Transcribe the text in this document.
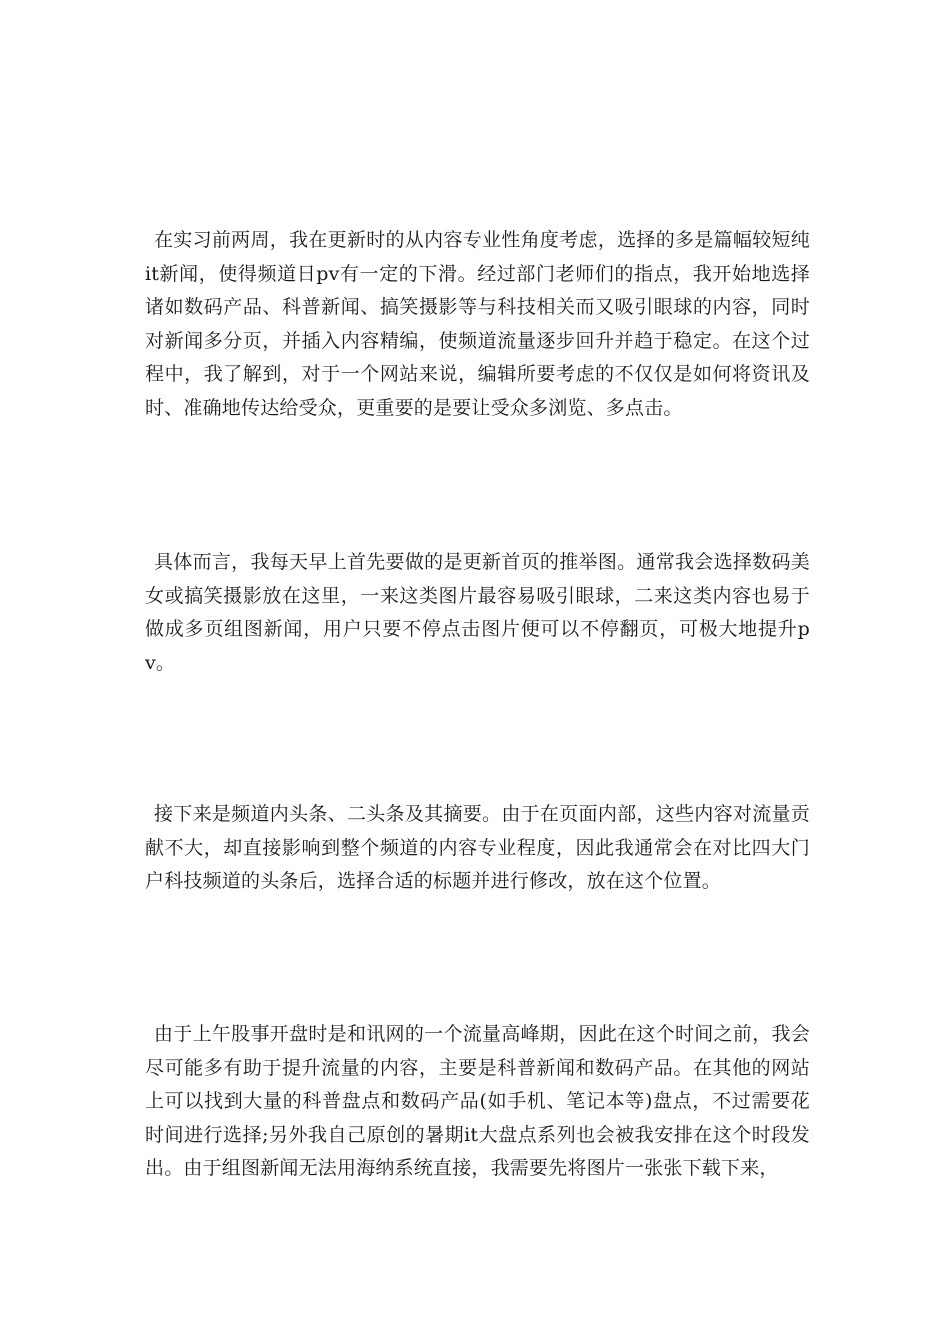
在实习前两周，我在更新时的从内容专业性角度考虑，选择的多是篇幅较短纯it新闻，使得频道日pv有一定的下滑。经过部门老师们的指点，我开始地选择诸如数码产品、科普新闻、搞笑摄影等与科技相关而又吸引眼球的内容，同时对新闻多分页，并插入内容精编，使频道流量逐步回升并趋于稳定。在这个过程中，我了解到，对于一个网站来说，编辑所要考虑的不仅仅是如何将资讯及时、准确地传达给受众，更重要的是要让受众多浏览、多点击。

具体而言，我每天早上首先要做的是更新首页的推举图。通常我会选择数码美女或搞笑摄影放在这里，一来这类图片最容易吸引眼球，二来这类内容也易于做成多页组图新闻，用户只要不停点击图片便可以不停翻页，可极大地提升pv。

接下来是频道内头条、二头条及其摘要。由于在页面内部，这些内容对流量贡献不大，却直接影响到整个频道的内容专业程度，因此我通常会在对比四大门户科技频道的头条后，选择合适的标题并进行修改，放在这个位置。

由于上午股事开盘时是和讯网的一个流量高峰期，因此在这个时间之前，我会尽可能多有助于提升流量的内容，主要是科普新闻和数码产品。在其他的网站上可以找到大量的科普盘点和数码产品(如手机、笔记本等)盘点，不过需要花时间进行选择;另外我自己原创的暑期it大盘点系列也会被我安排在这个时段发出。由于组图新闻无法用海纳系统直接，我需要先将图片一张张下载下来，
